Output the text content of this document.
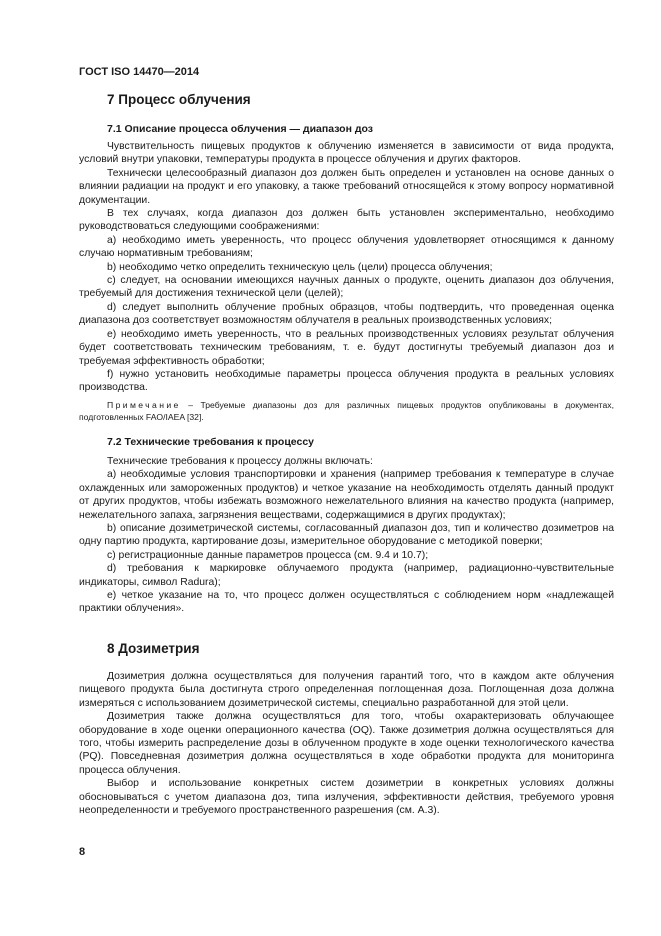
ГОСТ ISO 14470—2014
7 Процесс облучения
7.1 Описание процесса облучения — диапазон доз

Чувствительность пищевых продуктов к облучению изменяется в зависимости от вида продукта, условий внутри упаковки, температуры продукта в процессе облучения и других факторов.

Технически целесообразный диапазон доз должен быть определен и установлен на основе данных о влиянии радиации на продукт и его упаковку, а также требований относящейся к этому вопросу нормативной документации.

В тех случаях, когда диапазон доз должен быть установлен экспериментально, необходимо руководствоваться следующими соображениями:

a) необходимо иметь уверенность, что процесс облучения удовлетворяет относящимся к данному случаю нормативным требованиям;

b) необходимо четко определить техническую цель (цели) процесса облучения;

c) следует, на основании имеющихся научных данных о продукте, оценить диапазон доз облучения, требуемый для достижения технической цели (целей);

d) следует выполнить облучение пробных образцов, чтобы подтвердить, что проведенная оценка диапазона доз соответствует возможностям облучателя в реальных производственных условиях;

e) необходимо иметь уверенность, что в реальных производственных условиях результат облучения будет соответствовать техническим требованиям, т. е. будут достигнуты требуемый диапазон доз и требуемая эффективность обработки;

f) нужно установить необходимые параметры процесса облучения продукта в реальных условиях производства.

Примечание – Требуемые диапазоны доз для различных пищевых продуктов опубликованы в документах, подготовленных FAO/IAEA [32].

7.2 Технические требования к процессу

Технические требования к процессу должны включать:

a) необходимые условия транспортировки и хранения (например требования к температуре в случае охлажденных или замороженных продуктов) и четкое указание на необходимость отделять данный продукт от других продуктов, чтобы избежать возможного нежелательного влияния на качество продукта (например, нежелательного запаха, загрязнения веществами, содержащимися в других продуктах);

b) описание дозиметрической системы, согласованный диапазон доз, тип и количество дозиметров на одну партию продукта, картирование дозы, измерительное оборудование с методикой поверки;

c) регистрационные данные параметров процесса (см. 9.4 и 10.7);

d) требования к маркировке облучаемого продукта (например, радиационно-чувствительные индикаторы, символ Radura);

e) четкое указание на то, что процесс должен осуществляться с соблюдением норм «надлежащей практики облучения».

8 Дозиметрия

Дозиметрия должна осуществляться для получения гарантий того, что в каждом акте облучения пищевого продукта была достигнута строго определенная поглощенная доза. Поглощенная доза должна измеряться с использованием дозиметрической системы, специально разработанной для этой цели.

Дозиметрия также должна осуществляться для того, чтобы охарактеризовать облучающее оборудование в ходе оценки операционного качества (OQ). Также дозиметрия должна осуществляться для того, чтобы измерить распределение дозы в облученном продукте в ходе оценки технологического качества (PQ). Повседневная дозиметрия должна осуществляться в ходе обработки продукта для мониторинга процесса облучения.

Выбор и использование конкретных систем дозиметрии в конкретных условиях должны обосновываться с учетом диапазона доз, типа излучения, эффективности действия, требуемого уровня неопределенности и требуемого пространственного разрешения (см. А.3).

8
